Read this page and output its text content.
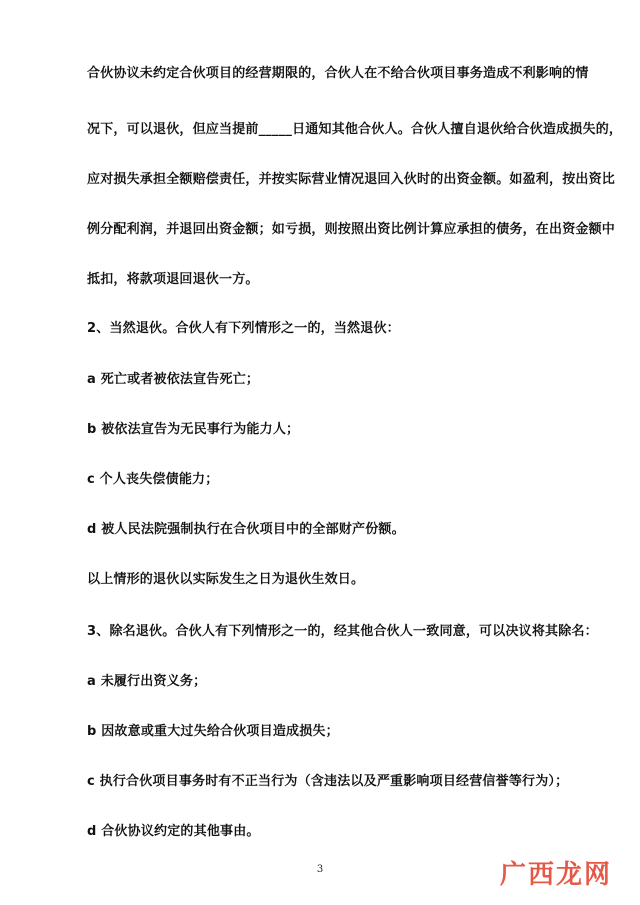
合伙协议未约定合伙项目的经营期限的，合伙人在不给合伙项目事务造成不利影响的情
况下，可以退伙，但应当提前_____日通知其他合伙人。合伙人擅自退伙给合伙造成损失的，
应对损失承担全额赔偿责任，并按实际营业情况退回入伙时的出资金额。如盈利，按出资比
例分配利润，并退回出资金额；如亏损，则按照出资比例计算应承担的债务，在出资金额中
抵扣，将款项退回退伙一方。
2、当然退伙。合伙人有下列情形之一的，当然退伙：
a 死亡或者被依法宣告死亡；
b 被依法宣告为无民事行为能力人；
c 个人丧失偿债能力；
d 被人民法院强制执行在合伙项目中的全部财产份额。
以上情形的退伙以实际发生之日为退伙生效日。
3、除名退伙。合伙人有下列情形之一的，经其他合伙人一致同意，可以决议将其除名：
a 未履行出资义务；
b 因故意或重大过失给合伙项目造成损失；
c 执行合伙项目事务时有不正当行为（含违法以及严重影响项目经营信誉等行为）；
d 合伙协议约定的其他事由。
3	广西龙网
